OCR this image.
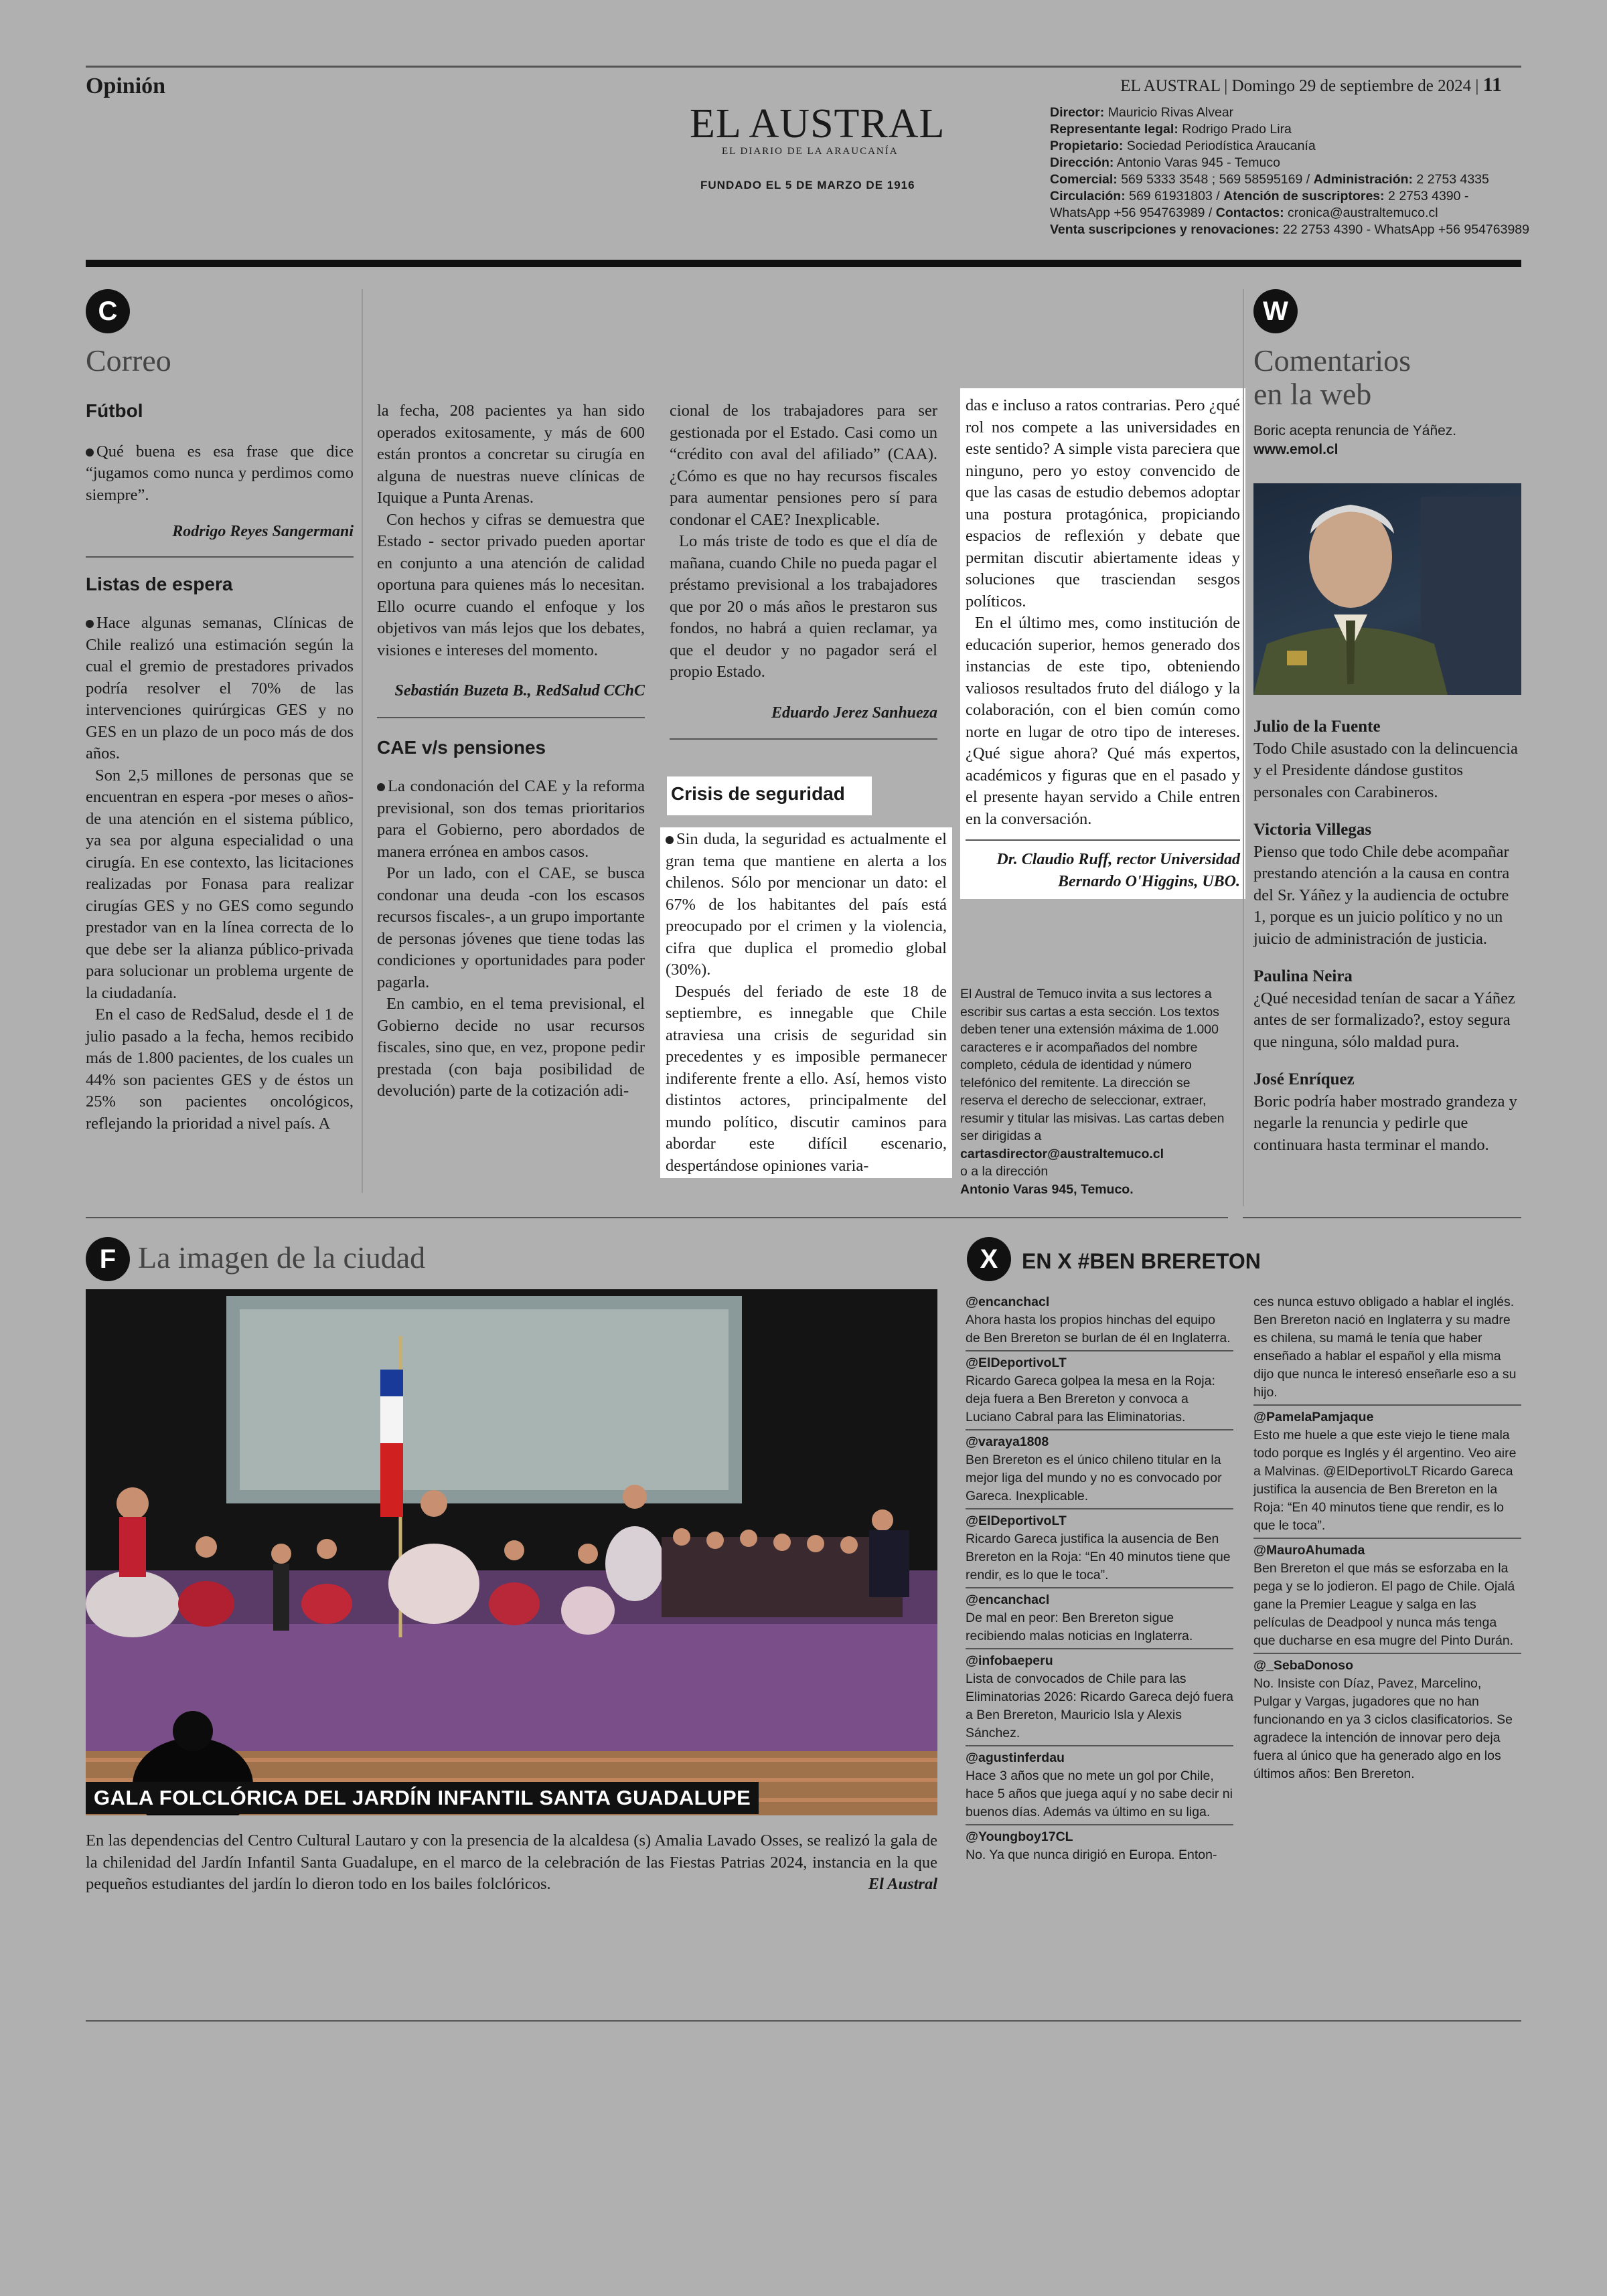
Opinión	EL AUSTRAL | Domingo 29 de septiembre de 2024 | 11
EL AUSTRAL
EL DIARIO DE LA ARAUCANÍA
FUNDADO EL 5 DE MARZO DE 1916
Director: Mauricio Rivas Alvear
Representante legal: Rodrigo Prado Lira
Propietario: Sociedad Periodística Araucanía
Dirección: Antonio Varas 945 - Temuco
Comercial: 569 5333 3548 ; 569 58595169 / Administración: 2 2753 4335
Circulación: 569 61931803 / Atención de suscriptores: 2 2753 4390 -
WhatsApp +56 954763989 / Contactos: cronica@australtemuco.cl
Venta suscripciones y renovaciones: 22 2753 4390 - WhatsApp +56 954763989
C
Correo
Fútbol

Qué buena es esa frase que dice “jugamos como nunca y perdimos como siempre”.

Rodrigo Reyes Sangermani
Listas de espera

Hace algunas semanas, Clínicas de Chile realizó una estimación según la cual el gremio de prestadores privados podría resolver el 70% de las intervenciones quirúrgicas GES y no GES en un plazo de un poco más de dos años.

Son 2,5 millones de personas que se encuentran en espera -por meses o años- de una atención en el sistema público, ya sea por alguna especialidad o una cirugía. En ese contexto, las licitaciones realizadas por Fonasa para realizar cirugías GES y no GES como segundo prestador van en la línea correcta de lo que debe ser la alianza público-privada para solucionar un problema urgente de la ciudadanía.

En el caso de RedSalud, desde el 1 de julio pasado a la fecha, hemos recibido más de 1.800 pacientes, de los cuales un 44% son pacientes GES y de éstos un 25% son pacientes oncológicos, reflejando la prioridad a nivel país. A

la fecha, 208 pacientes ya han sido operados exitosamente, y más de 600 están prontos a concretar su cirugía en alguna de nuestras nueve clínicas de Iquique a Punta Arenas.

Con hechos y cifras se demuestra que Estado - sector privado pueden aportar en conjunto a una atención de calidad oportuna para quienes más lo necesitan. Ello ocurre cuando el enfoque y los objetivos van más lejos que los debates, visiones e intereses del momento.

Sebastián Buzeta B., RedSalud CChC
CAE v/s pensiones

La condonación del CAE y la reforma previsional, son dos temas prioritarios para el Gobierno, pero abordados de manera errónea en ambos casos.

Por un lado, con el CAE, se busca condonar una deuda -con los escasos recursos fiscales-, a un grupo importante de personas jóvenes que tiene todas las condiciones y oportunidades para poder pagarla.

En cambio, en el tema previsional, el Gobierno decide no usar recursos fiscales, sino que, en vez, propone pedir prestada (con baja posibilidad de devolución) parte de la cotización adi-

cional de los trabajadores para ser gestionada por el Estado. Casi como un “crédito con aval del afiliado” (CAA). ¿Cómo es que no hay recursos fiscales para aumentar pensiones pero sí para condonar el CAE? Inexplicable.

Lo más triste de todo es que el día de mañana, cuando Chile no pueda pagar el préstamo previsional a los trabajadores que por 20 o más años le prestaron sus fondos, no habrá a quien reclamar, ya que el deudor y no pagador será el propio Estado.

Eduardo Jerez Sanhueza
Crisis de seguridad

Sin duda, la seguridad es actualmente el gran tema que mantiene en alerta a los chilenos. Sólo por mencionar un dato: el 67% de los habitantes del país está preocupado por el crimen y la violencia, cifra que duplica el promedio global (30%).

Después del feriado de este 18 de septiembre, es innegable que Chile atraviesa una crisis de seguridad sin precedentes y es imposible permanecer indiferente frente a ello. Así, hemos visto distintos actores, principalmente del mundo político, discutir caminos para abordar este difícil escenario, despertándose opiniones varia-

das e incluso a ratos contrarias. Pero ¿qué rol nos compete a las universidades en este sentido? A simple vista pareciera que ninguno, pero yo estoy convencido de que las casas de estudio debemos adoptar una postura protagónica, propiciando espacios de reflexión y debate que permitan discutir abiertamente ideas y soluciones que trasciendan sesgos políticos.

En el último mes, como institución de educación superior, hemos generado dos instancias de este tipo, obteniendo valiosos resultados fruto del diálogo y la colaboración, con el bien común como norte en lugar de otro tipo de intereses. ¿Qué sigue ahora? Qué más expertos, académicos y figuras que en el pasado y el presente hayan servido a Chile entren en la conversación.

Dr. Claudio Ruff, rector Universidad
Bernardo O'Higgins, UBO.
El Austral de Temuco invita a sus lectores a escribir sus cartas a esta sección. Los textos deben tener una extensión máxima de 1.000 caracteres e ir acompañados del nombre completo, cédula de identidad y número telefónico del remitente. La dirección se reserva el derecho de seleccionar, extraer, resumir y titular las misivas. Las cartas deben ser dirigidas a
cartasdirector@australtemuco.cl
o a la dirección
Antonio Varas 945, Temuco.
W
Comentarios
en la web
Boric acepta renuncia de Yáñez.
www.emol.cl
Julio de la Fuente
Todo Chile asustado con la delincuencia y el Presidente dándose gustitos personales con Carabineros.
Victoria Villegas
Pienso que todo Chile debe acompañar prestando atención a la causa en contra del Sr. Yáñez y la audiencia de octubre 1, porque es un juicio político y no un juicio de administración de justicia.
Paulina Neira
¿Qué necesidad tenían de sacar a Yáñez antes de ser formalizado?, estoy segura que ninguna, sólo maldad pura.
José Enríquez
Boric podría haber mostrado grandeza y negarle la renuncia y pedirle que continuara hasta terminar el mando.
F La imagen de la ciudad
GALA FOLCLÓRICA DEL JARDÍN INFANTIL SANTA GUADALUPE
En las dependencias del Centro Cultural Lautaro y con la presencia de la alcaldesa (s) Amalia Lavado Osses, se realizó la gala de la chilenidad del Jardín Infantil Santa Guadalupe, en el marco de la celebración de las Fiestas Patrias 2024, instancia en la que pequeños estudiantes del jardín lo dieron todo en los bailes folclóricos.	El Austral
X	EN X #BEN BRERETON
@encanchacl
Ahora hasta los propios hinchas del equipo de Ben Brereton se burlan de él en Inglaterra.
@ElDeportivoLT
Ricardo Gareca golpea la mesa en la Roja: deja fuera a Ben Brereton y convoca a Luciano Cabral para las Eliminatorias.
@varaya1808
Ben Brereton es el único chileno titular en la mejor liga del mundo y no es convocado por Gareca. Inexplicable.
@ElDeportivoLT
Ricardo Gareca justifica la ausencia de Ben Brereton en la Roja: “En 40 minutos tiene que rendir, es lo que le toca”.
@encanchacl
De mal en peor: Ben Brereton sigue recibiendo malas noticias en Inglaterra.
@infobaeperu
Lista de convocados de Chile para las Eliminatorias 2026: Ricardo Gareca dejó fuera a Ben Brereton, Mauricio Isla y Alexis Sánchez.
@agustinferdau
Hace 3 años que no mete un gol por Chile, hace 5 años que juega aquí y no sabe decir ni buenos días. Además va último en su liga.
@Youngboy17CL
No. Ya que nunca dirigió en Europa. Enton-
ces nunca estuvo obligado a hablar el inglés. Ben Brereton nació en Inglaterra y su madre es chilena, su mamá le tenía que haber enseñado a hablar el español y ella misma dijo que nunca le interesó enseñarle eso a su hijo.
@PamelaPamjaque
Esto me huele a que este viejo le tiene mala todo porque es Inglés y él argentino. Veo aire a Malvinas. @ElDeportivoLT Ricardo Gareca justifica la ausencia de Ben Brereton en la Roja: “En 40 minutos tiene que rendir, es lo que le toca”.
@MauroAhumada
Ben Brereton el que más se esforzaba en la pega y se lo jodieron. El pago de Chile. Ojalá gane la Premier League y salga en las películas de Deadpool y nunca más tenga que ducharse en esa mugre del Pinto Durán.
@_SebaDonoso
No. Insiste con Díaz, Pavez, Marcelino, Pulgar y Vargas, jugadores que no han funcionando en ya 3 ciclos clasificatorios. Se agradece la intención de innovar pero deja fuera al único que ha generado algo en los últimos años: Ben Brereton.
